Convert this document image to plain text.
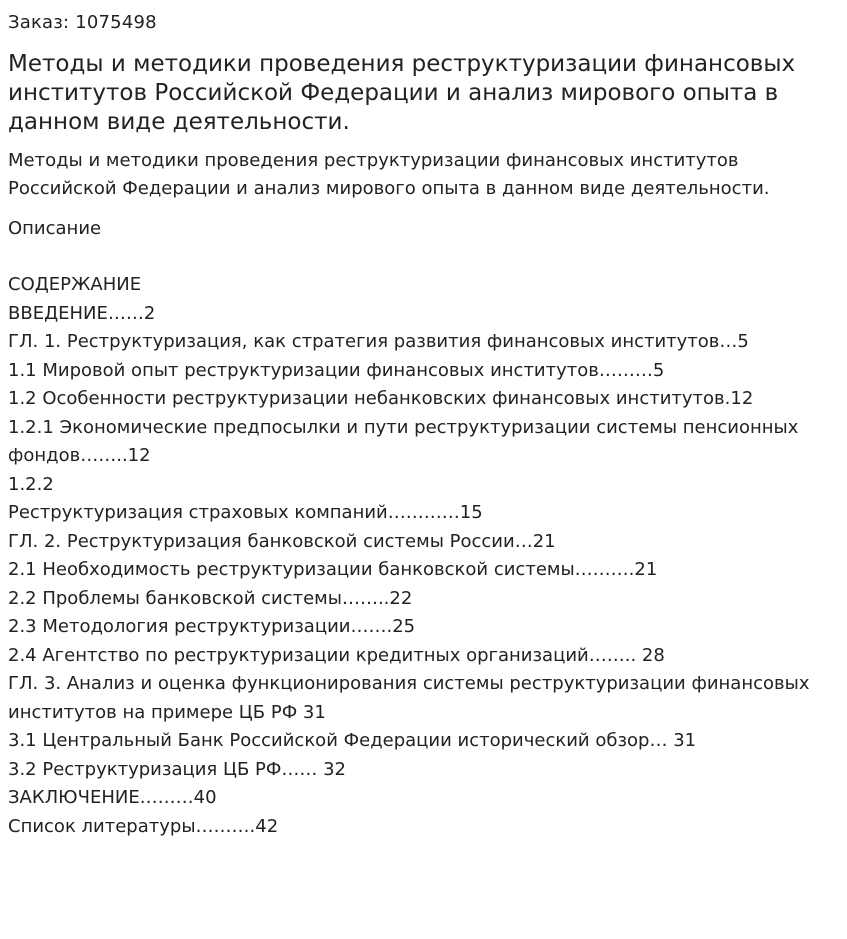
Заказ: 1075498
Методы и методики проведения реструктуризации финансовых институтов Российской Федерации и анализ мирового опыта в данном виде деятельности.
Методы и методики проведения реструктуризации финансовых институтов Российской Федерации и анализ мирового опыта в данном виде деятельности.
Описание
СОДЕРЖАНИЕ
ВВЕДЕНИЕ……2
ГЛ. 1. Реструктуризация, как стратегия развития финансовых институтов…5
1.1 Мировой опыт реструктуризации финансовых институтов………5
1.2 Особенности реструктуризации небанковских финансовых институтов.12
1.2.1 Экономические предпосылки и пути реструктуризации системы пенсионных фондов……..12
1.2.2
Реструктуризация страховых компаний…………15
ГЛ. 2. Реструктуризация банковской системы России…21
2.1 Необходимость реструктуризации банковской системы……….21
2.2 Проблемы банковской системы……..22
2.3 Методология реструктуризации…….25
2.4 Агентство по реструктуризации кредитных организаций…….. 28
ГЛ. 3. Анализ и оценка функционирования системы реструктуризации финансовых институтов на примере ЦБ РФ 31
3.1 Центральный Банк Российской Федерации исторический обзор… 31
3.2 Реструктуризация ЦБ РФ…… 32
ЗАКЛЮЧЕНИЕ………40
Список литературы……….42
